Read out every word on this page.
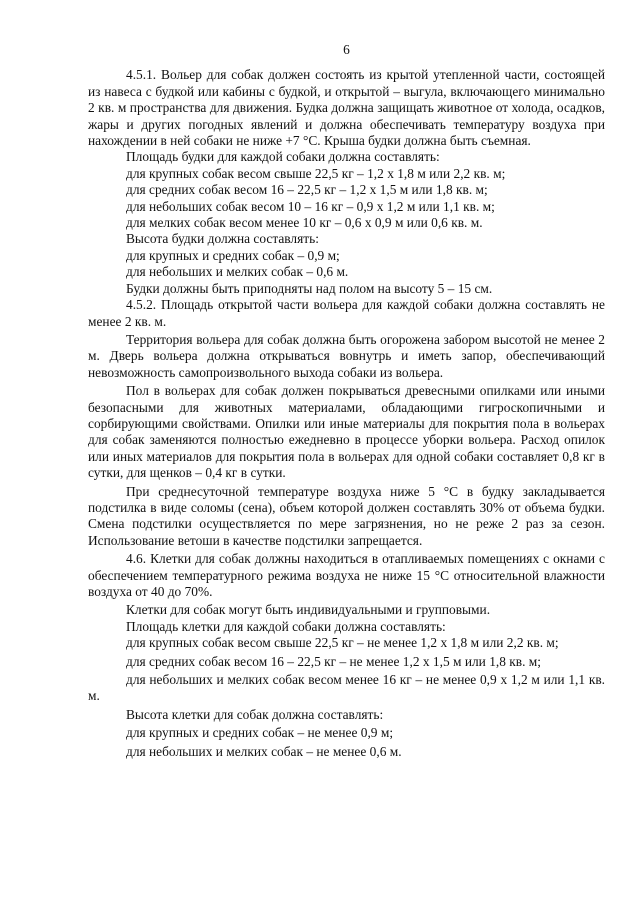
6

4.5.1. Вольер для собак должен состоять из крытой утепленной части, состоящей из навеса с будкой или кабины с будкой, и открытой – выгула, включающего минимально 2 кв. м пространства для движения. Будка должна защищать животное от холода, осадков, жары и других погодных явлений и должна обеспечивать температуру воздуха при нахождении в ней собаки не ниже +7 °С. Крыша будки должна быть съемная.

Площадь будки для каждой собаки должна составлять:

для крупных собак весом свыше 22,5 кг – 1,2 х 1,8 м или 2,2 кв. м;

для средних собак весом 16 – 22,5 кг – 1,2 х 1,5 м или 1,8 кв. м;

для небольших собак весом 10 – 16 кг – 0,9 х 1,2 м или 1,1 кв. м;

для мелких собак весом менее 10 кг – 0,6 х 0,9 м или 0,6 кв. м.

Высота будки должна составлять:

для крупных и средних собак – 0,9 м;

для небольших и мелких собак – 0,6 м.

Будки должны быть приподняты над полом на высоту 5 – 15 см.

4.5.2. Площадь открытой части вольера для каждой собаки должна составлять не менее 2 кв. м.

Территория вольера для собак должна быть огорожена забором высотой не менее 2 м. Дверь вольера должна открываться вовнутрь и иметь запор, обеспечивающий невозможность самопроизвольного выхода собаки из вольера.

Пол в вольерах для собак должен покрываться древесными опилками или иными безопасными для животных материалами, обладающими гигроскопичными и сорбирующими свойствами. Опилки или иные материалы для покрытия пола в вольерах для собак заменяются полностью ежедневно в процессе уборки вольера. Расход опилок или иных материалов для покрытия пола в вольерах для одной собаки составляет 0,8 кг в сутки, для щенков – 0,4 кг в сутки.

При среднесуточной температуре воздуха ниже 5 °С в будку закладывается подстилка в виде соломы (сена), объем которой должен составлять 30% от объема будки. Смена подстилки осуществляется по мере загрязнения, но не реже 2 раз за сезон. Использование ветоши в качестве подстилки запрещается.

4.6. Клетки для собак должны находиться в отапливаемых помещениях с окнами с обеспечением температурного режима воздуха не ниже 15 °С относительной влажности воздуха от 40 до 70%.

Клетки для собак могут быть индивидуальными и групповыми.

Площадь клетки для каждой собаки должна составлять:

для крупных собак весом свыше 22,5 кг – не менее 1,2 х 1,8 м или 2,2 кв. м;

для средних собак весом 16 – 22,5 кг – не менее 1,2 х 1,5 м или 1,8 кв. м;

для небольших и мелких собак весом менее 16 кг – не менее 0,9 х 1,2 м или 1,1 кв. м.

Высота клетки для собак должна составлять:

для крупных и средних собак – не менее 0,9 м;

для небольших и мелких собак – не менее 0,6 м.
